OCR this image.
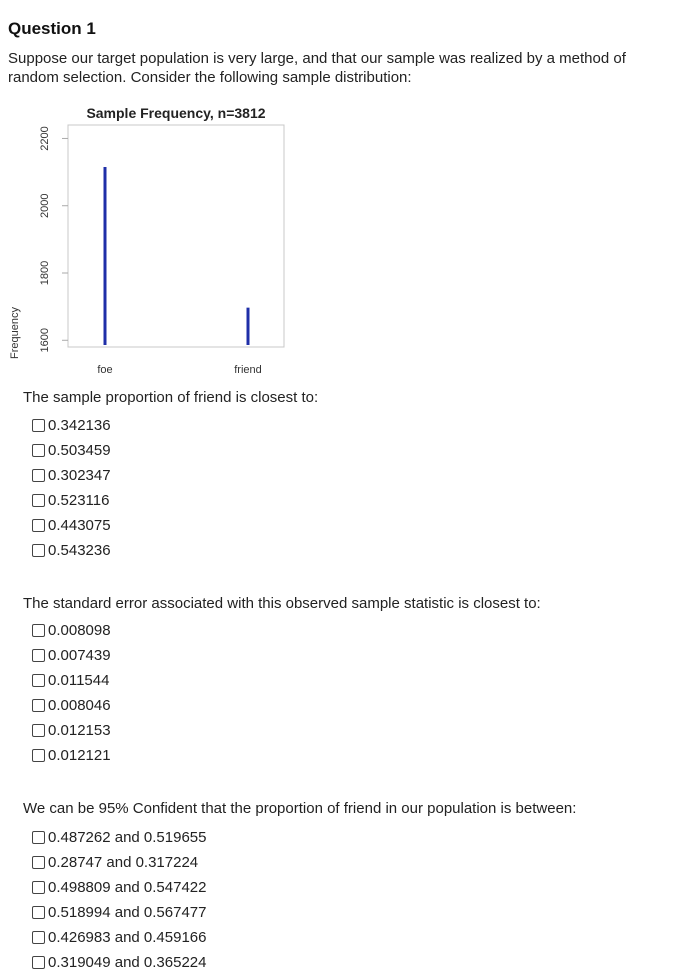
Question 1
Suppose our target population is very large, and that our sample was realized by a method of random selection. Consider the following sample distribution:
Sample Frequency, n=3812
Frequency 1600
1800
2000
2200
foe	friend
The sample proportion of friend is closest to:
0.342136
0.503459
0.302347
0.523116
0.443075
0.543236
The standard error associated with this observed sample statistic is closest to:
0.008098
0.007439
0.011544
0.008046
0.012153
0.012121
We can be 95% Confident that the proportion of friend in our population is between:
0.487262 and 0.519655
0.28747 and 0.317224
0.498809 and 0.547422
0.518994 and 0.567477
0.426983 and 0.459166
0.319049 and 0.365224
